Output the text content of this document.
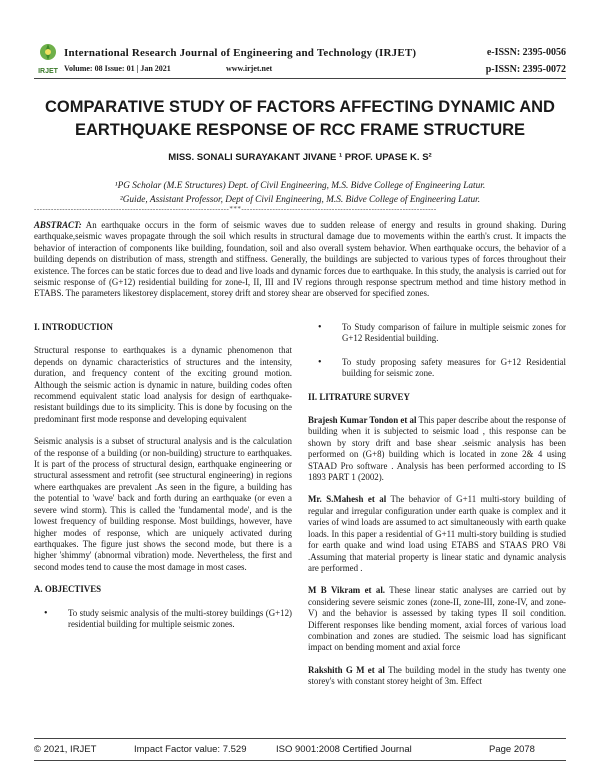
IRJET
International Research Journal of Engineering and Technology (IRJET)	e-ISSN: 2395-0056
Volume: 08 Issue: 01 | Jan 2021	www.irjet.net	p-ISSN: 2395-0072
COMPARATIVE STUDY OF FACTORS AFFECTING DYNAMIC AND
EARTHQUAKE RESPONSE OF RCC FRAME STRUCTURE
MISS. SONALI SURAYAKANT JIVANE ¹ PROF. UPASE K. S²
¹PG Scholar (M.E Structures) Dept. of Civil Engineering, M.S. Bidve College of Engineering Latur.
²Guide, Assistant Professor, Dept of Civil Engineering, M.S. Bidve College of Engineering Latur.
---------------------------------------------------------------------***---------------------------------------------------------------------
ABSTRACT: An earthquake occurs in the form of seismic waves due to sudden release of energy and results in ground shaking. During earthquake,seismic waves propagate through the soil which results in structural damage due to movements within the earth's crust. It impacts the behavior of interaction of components like building, foundation, soil and also overall system behavior. When earthquake occurs, the behavior of a building depends on distribution of mass, strength and stiffness. Generally, the buildings are subjected to various types of forces throughout their existence. The forces can be static forces due to dead and live loads and dynamic forces due to earthquake. In this study, the analysis is carried out for seismic response of (G+12) residential building for zone-I, II, III and IV regions through response spectrum method and time history method in ETABS. The parameters likestorey displacement, storey drift and storey shear are observed for specified zones.
I. INTRODUCTION
Structural response to earthquakes is a dynamic phenomenon that depends on dynamic characteristics of structures and the intensity, duration, and frequency content of the exciting ground motion. Although the seismic action is dynamic in nature, building codes often recommend equivalent static load analysis for design of earthquake-resistant buildings due to its simplicity. This is done by focusing on the predominant first mode response and developing equivalent
Seismic analysis is a subset of structural analysis and is the calculation of the response of a building (or non-building) structure to earthquakes. It is part of the process of structural design, earthquake engineering or structural assessment and retrofit (see structural engineering) in regions where earthquakes are prevalent .As seen in the figure, a building has the potential to 'wave' back and forth during an earthquake (or even a severe wind storm). This is called the 'fundamental mode', and is the lowest frequency of building response. Most buildings, however, have higher modes of response, which are uniquely activated during earthquakes. The figure just shows the second mode, but there is a higher 'shimmy' (abnormal vibration) mode. Nevertheless, the first and second modes tend to cause the most damage in most cases.
A. OBJECTIVES
• To study seismic analysis of the multi-storey buildings (G+12) residential building for multiple seismic zones.
• To Study comparison of failure in multiple seismic zones for G+12 Residential building.
• To study proposing safety measures for G+12 Residential building for seismic zone.
II. LITRATURE SURVEY
Brajesh Kumar Tondon et al This paper describe about the response of building when it is subjected to seismic load , this response can be shown by story drift and base shear .seismic analysis has been performed on (G+8) building which is located in zone 2& 4 using STAAD Pro software . Analysis has been performed according to IS 1893 PART 1 (2002).
Mr. S.Mahesh et al The behavior of G+11 multi-story building of regular and irregular configuration under earth quake is complex and it varies of wind loads are assumed to act simultaneously with earth quake loads. In this paper a residential of G+11 multi-story building is studied for earth quake and wind load using ETABS and STAAS PRO V8i .Assuming that material property is linear static and dynamic analysis are performed .
M B Vikram et al. These linear static analyses are carried out by considering severe seismic zones (zone-II, zone-III, zone-IV, and zone-V) and the behavior is assessed by taking types II soil condition. Different responses like bending moment, axial forces of various load combination and zones are studied. The seismic load has significant impact on bending moment and axial force
Rakshith G M et al The building model in the study has twenty one storey's with constant storey height of 3m. Effect
© 2021, IRJET	Impact Factor value: 7.529	ISO 9001:2008 Certified Journal	Page 2078
